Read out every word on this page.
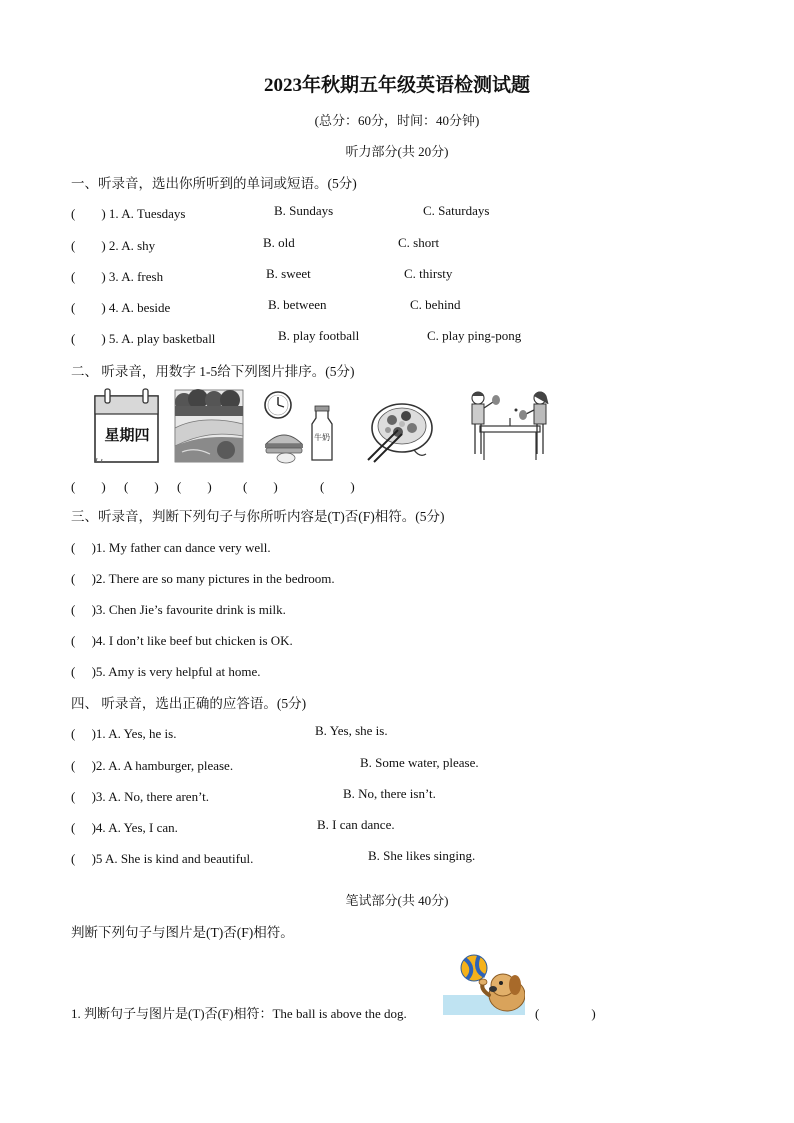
2023年秋期五年级英语检测试题
(总分：60分，时间：40分钟)
听力部分(共 20分)
一、听录音，选出你所听到的单词或短语。(5分)
(　　) 1. A. Tuesdays	B. Sundays	C. Saturdays
(　　) 2. A. shy	B. old	C. short
(　　) 3. A. fresh	B. sweet	C. thirsty
(　　) 4. A. beside	B. between	C. behind
(　　) 5. A. play basketball	B. play football	C. play ping-pong
二、 听录音，用数字 1-5给下列图片排序。(5分)
星期四	牛奶
(　　) (　　) (　　) (　　)	(　　)
三、听录音，判断下列句子与你所听内容是(T)否(F)相符。(5分)
(　 )1. My father can dance very well.
(　 )2. There are so many pictures in the bedroom.
(　 )3. Chen Jie’s favourite drink is milk.
(　 )4. I don’t like beef but chicken is OK.
(　 )5. Amy is very helpful at home.
四、 听录音，选出正确的应答语。(5分)
(　 )1. A. Yes, he is.	B. Yes, she is.
(　 )2. A. A hamburger, please.	B. Some water, please.
(　 )3. A. No, there aren’t.	B. No, there isn’t.
(　 )4. A. Yes, I can.	B. I can dance.
(　 )5 A. She is kind and beautiful.	B. She likes singing.
笔试部分(共 40分)
判断下列句子与图片是(T)否(F)相符。
1. 判断句子与图片是(T)否(F)相符：The ball is above the dog.	(　　　　)
